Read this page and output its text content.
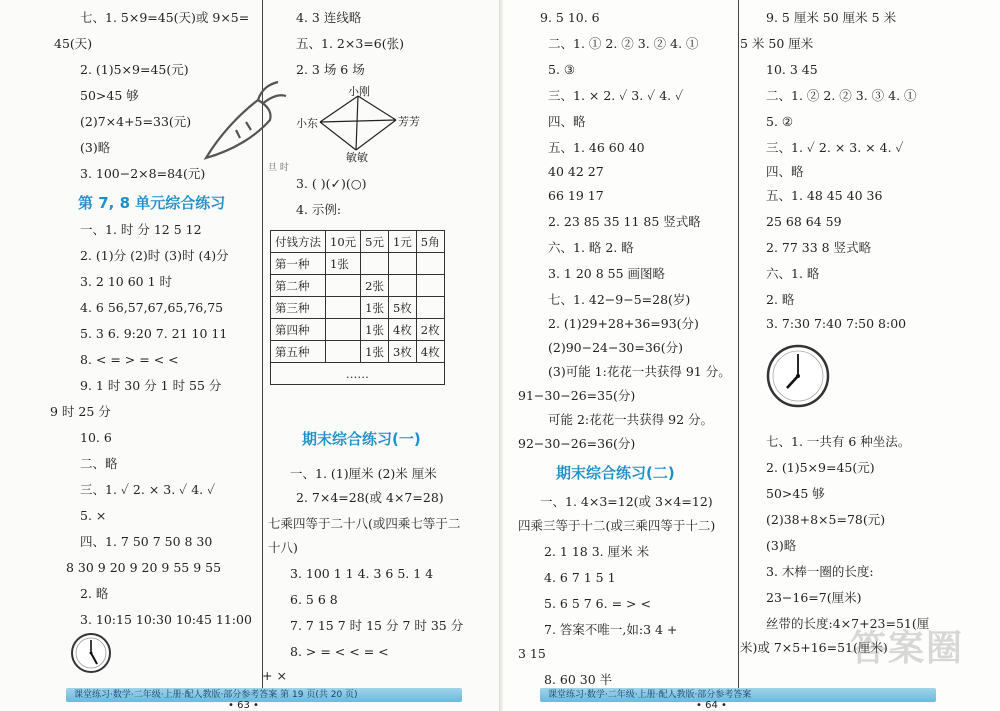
七、1. 5×9=45(天)或 9×5=
45(天)
2. (1)5×9=45(元)
50>45 够
(2)7×4+5=33(元)
(3)略
3. 100−2×8=84(元)
一、1. 时 分 12 5 12
2. (1)分 (2)时 (3)时 (4)分
3. 2 10 60 1 时
4. 6 56,57,67,65,76,75
5. 3 6. 9:20 7. 21 10 11
8. < = > = < <
9. 1 时 30 分 1 时 55 分
9 时 25 分
10. 6
二、略
三、1. ✓ 2. × 3. ✓ 4. ✓
5. ×
四、1. 7 50 7 50 8 30
8 30 9 20 9 20 9 55 9 55
2. 略
3. 10:15 10:30 10:45 11:00
4. 3 连线略
五、1. 2×3=6(张)
2. 3 场 6 场
3. ( )(✓)(○)
4. 示例:
一、1. (1)厘米 (2)米 厘米
2. 7×4=28(或 4×7=28)
七乘四等于二十八(或四乘七等于二
十八)
3. 100 1 1 4. 3 6 5. 1 4
6. 5 6 8
7. 7 15 7 时 15 分 7 时 35 分
8. > = < < = <
+ ×
9. 5 10. 6
二、1. ① 2. ② 3. ② 4. ①
5. ③
三、1. × 2. ✓ 3. ✓ 4. ✓
四、略
五、1. 46 60 40
40 42 27
66 19 17
2. 23 85 35 11 85 竖式略
六、1. 略 2. 略
3. 1 20 8 55 画图略
七、1. 42−9−5=28(岁)
2. (1)29+28+36=93(分)
(2)90−24−30=36(分)
(3)可能 1:花花一共获得 91 分。
91−30−26=35(分)
可能 2:花花一共获得 92 分。
92−30−26=36(分)
一、1. 4×3=12(或 3×4=12)
四乘三等于十二(或三乘四等于十二)
2. 1 18 3. 厘米 米
4. 6 7 1 5 1
5. 6 5 7 6. = > <
7. 答案不唯一,如:3 4 +
3 15
8. 60 30 半
9. 5 厘米 50 厘米 5 米
5 米 50 厘米
10. 3 45
二、1. ② 2. ② 3. ③ 4. ①
5. ②
三、1. ✓ 2. × 3. × 4. ✓
四、略
五、1. 48 45 40 36
25 68 64 59
2. 77 33 8 竖式略
六、1. 略
2. 略
3. 7:30 7:40 7:50 8:00
七、1. 一共有 6 种坐法。
2. (1)5×9=45(元)
50>45 够
(2)38+8×5=78(元)
(3)略
3. 木棒一圈的长度:
23−16=7(厘米)
丝带的长度:4×7+23=51(厘
米)或 7×5+16=51(厘米)
旦 时
第 7, 8 单元综合练习
小刚
小东	芳芳
敏敏
付钱方法	10元	5元	1元	5角
第一种	1张			
第二种		2张		
第三种		1张	5枚	
第四种		1张	4枚	2枚
第五种		1张	3枚	4枚
……				
期末综合练习(一)
课堂练习·数学·二年级·上册·配人教版·部分参考答案 第 19 页(共 20 页)
• 63 •
期末综合练习(二)
课堂练习·数学·二年级·上册·配人教版·部分参考答案
• 64 •
答案圈
